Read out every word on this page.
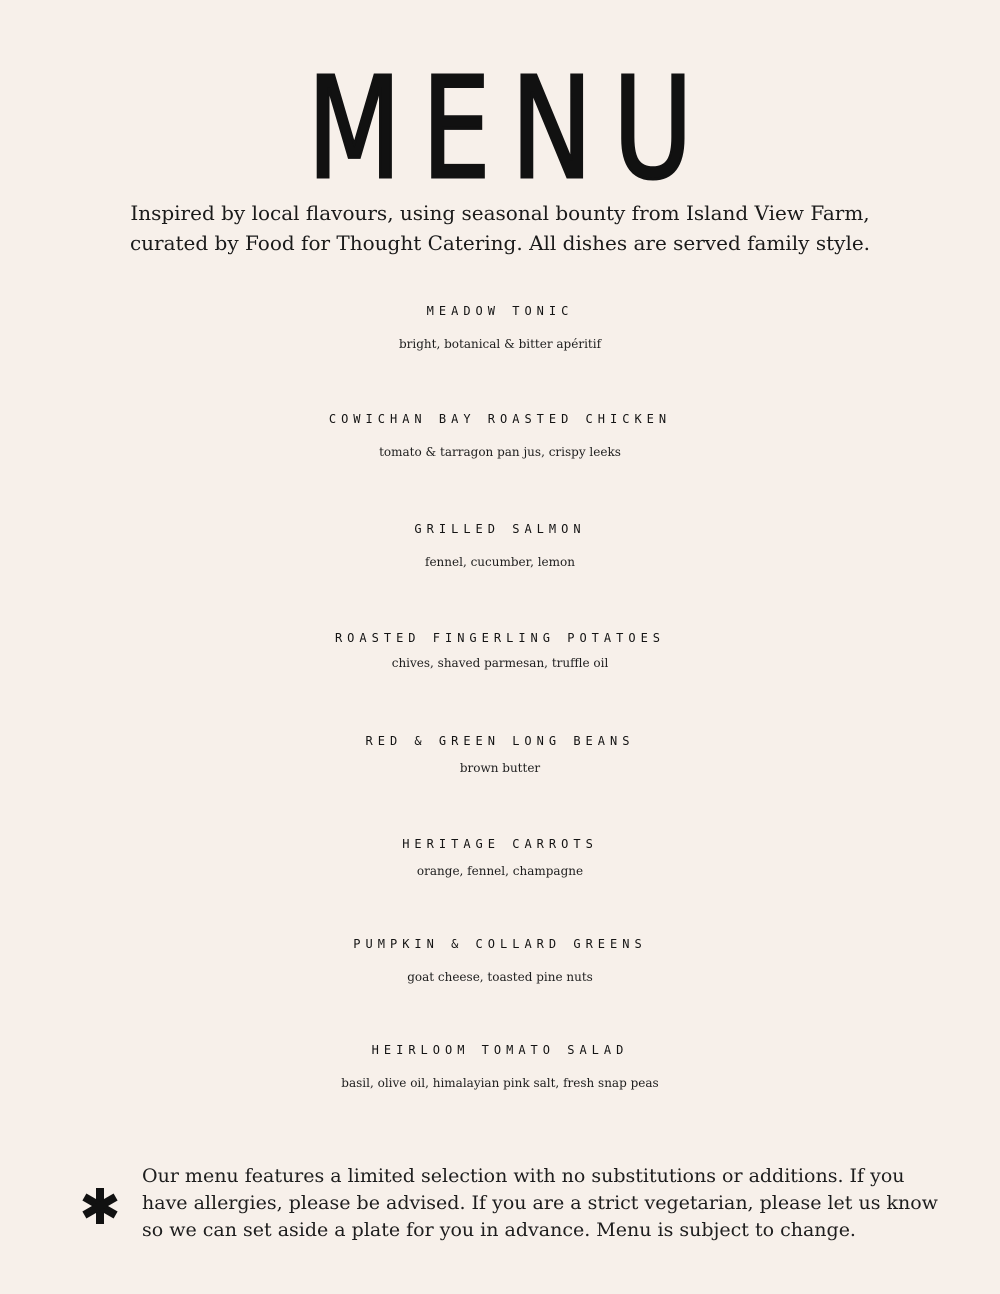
MENU

Inspired by local flavours, using seasonal bounty from Island View Farm, curated by Food for Thought Catering. All dishes are served family style.

MEADOW TONIC

bright, botanical & bitter apéritif

COWICHAN BAY ROASTED CHICKEN

tomato & tarragon pan jus, crispy leeks

GRILLED SALMON

fennel, cucumber, lemon

ROASTED FINGERLING POTATOES

chives, shaved parmesan, truffle oil

RED & GREEN LONG BEANS

brown butter

HERITAGE CARROTS

orange, fennel, champagne

PUMPKIN & COLLARD GREENS

goat cheese, toasted pine nuts

HEIRLOOM TOMATO SALAD

basil, olive oil, himalayian pink salt, fresh snap peas

Our menu features a limited selection with no substitutions or additions. If you have allergies, please be advised. If you are a strict vegetarian, please let us know so we can set aside a plate for you in advance. Menu is subject to change.
